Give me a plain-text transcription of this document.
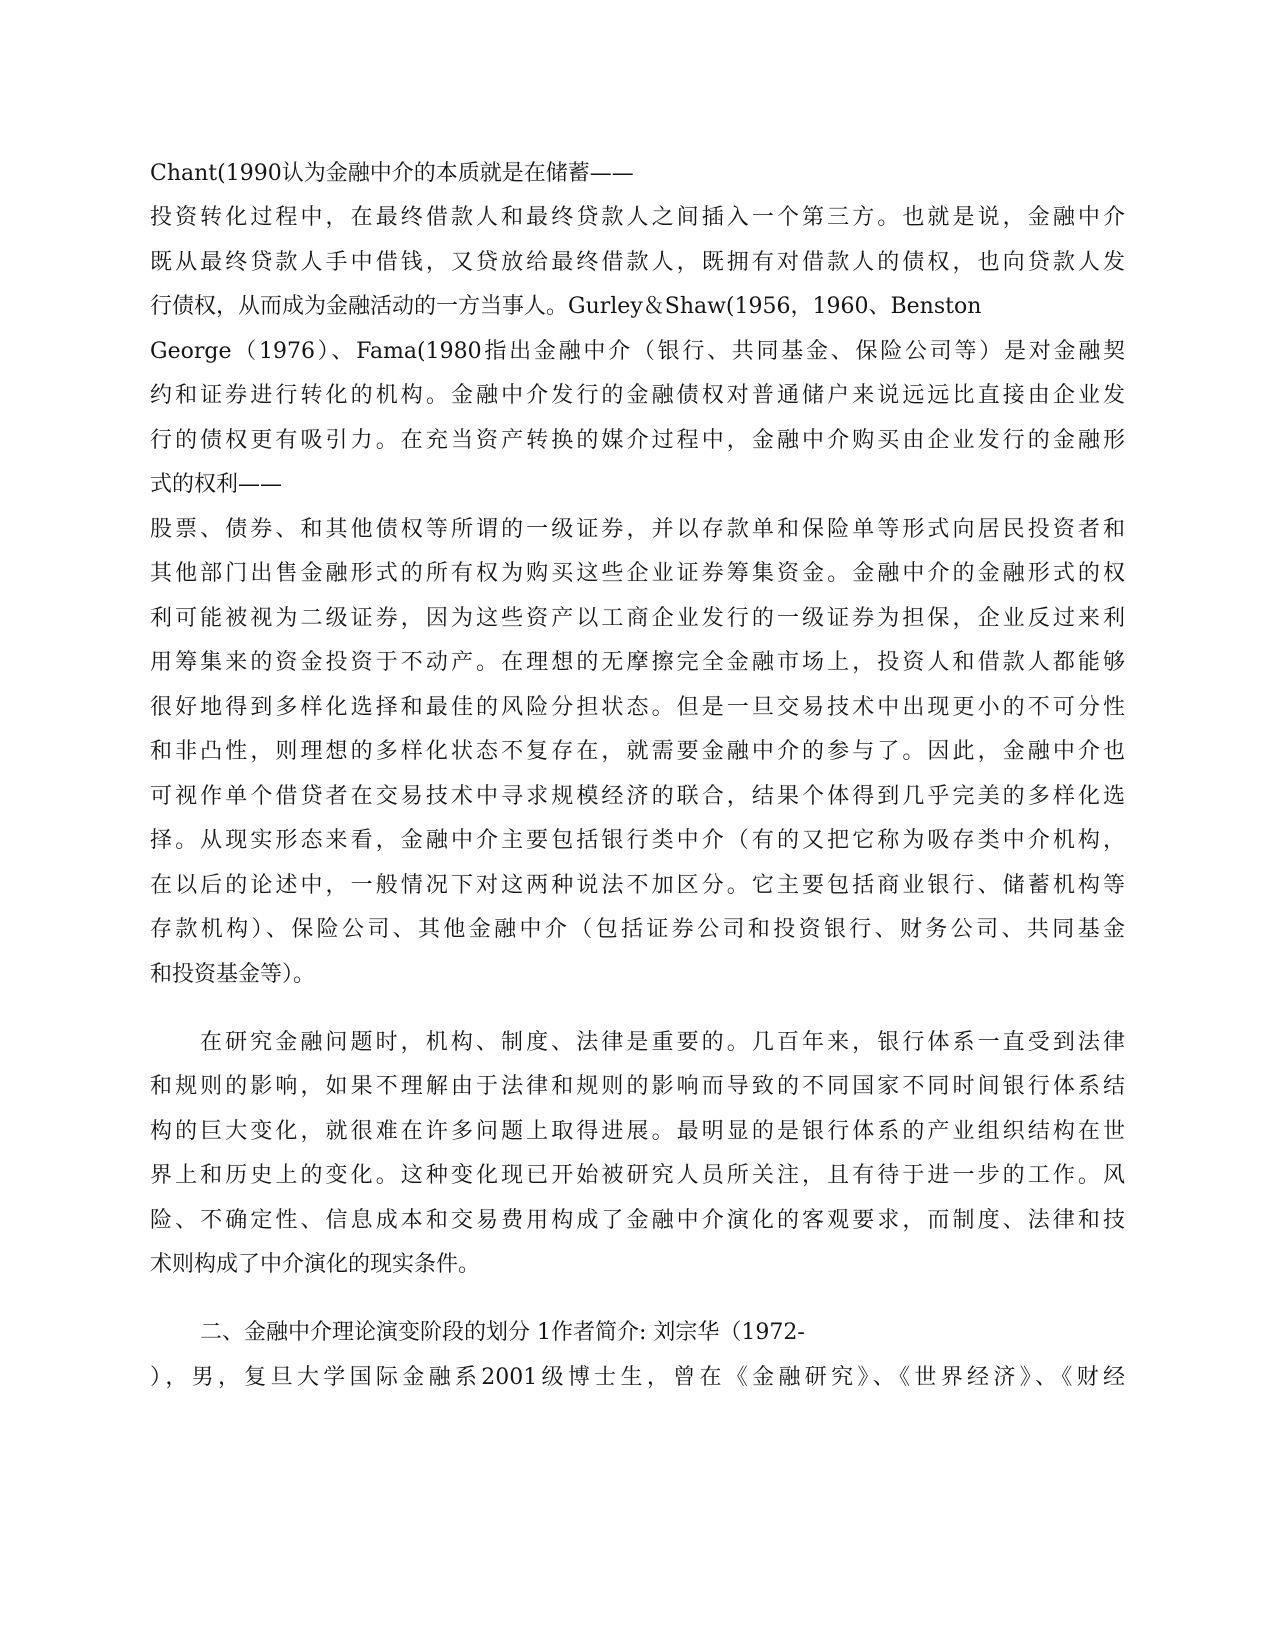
Chant(1990认为金融中介的本质就是在储蓄——
投资转化过程中，在最终借款人和最终贷款人之间插入一个第三方。也就是说，金融中介
既从最终贷款人手中借钱，又贷放给最终借款人，既拥有对借款人的债权，也向贷款人发
行债权，从而成为金融活动的一方当事人。Gurley＆Shaw(1956，1960、Benston
George（1976）、Fama(1980指出金融中介（银行、共同基金、保险公司等）是对金融契
约和证券进行转化的机构。金融中介发行的金融债权对普通储户来说远远比直接由企业发
行的债权更有吸引力。在充当资产转换的媒介过程中，金融中介购买由企业发行的金融形
式的权利——
股票、债券、和其他债权等所谓的一级证券，并以存款单和保险单等形式向居民投资者和
其他部门出售金融形式的所有权为购买这些企业证券筹集资金。金融中介的金融形式的权
利可能被视为二级证券，因为这些资产以工商企业发行的一级证券为担保，企业反过来利
用筹集来的资金投资于不动产。在理想的无摩擦完全金融市场上，投资人和借款人都能够
很好地得到多样化选择和最佳的风险分担状态。但是一旦交易技术中出现更小的不可分性
和非凸性，则理想的多样化状态不复存在，就需要金融中介的参与了。因此，金融中介也
可视作单个借贷者在交易技术中寻求规模经济的联合，结果个体得到几乎完美的多样化选
择。从现实形态来看，金融中介主要包括银行类中介（有的又把它称为吸存类中介机构，
在以后的论述中，一般情况下对这两种说法不加区分。它主要包括商业银行、储蓄机构等
存款机构）、保险公司、其他金融中介（包括证券公司和投资银行、财务公司、共同基金
和投资基金等）。
在研究金融问题时，机构、制度、法律是重要的。几百年来，银行体系一直受到法律
和规则的影响，如果不理解由于法律和规则的影响而导致的不同国家不同时间银行体系结
构的巨大变化，就很难在许多问题上取得进展。最明显的是银行体系的产业组织结构在世
界上和历史上的变化。这种变化现已开始被研究人员所关注，且有待于进一步的工作。风
险、不确定性、信息成本和交易费用构成了金融中介演化的客观要求，而制度、法律和技
术则构成了中介演化的现实条件。
二、金融中介理论演变阶段的划分 1作者简介: 刘宗华（1972-
），男，复旦大学国际金融系2001级博士生，曾在《金融研究》、《世界经济》、《财经
